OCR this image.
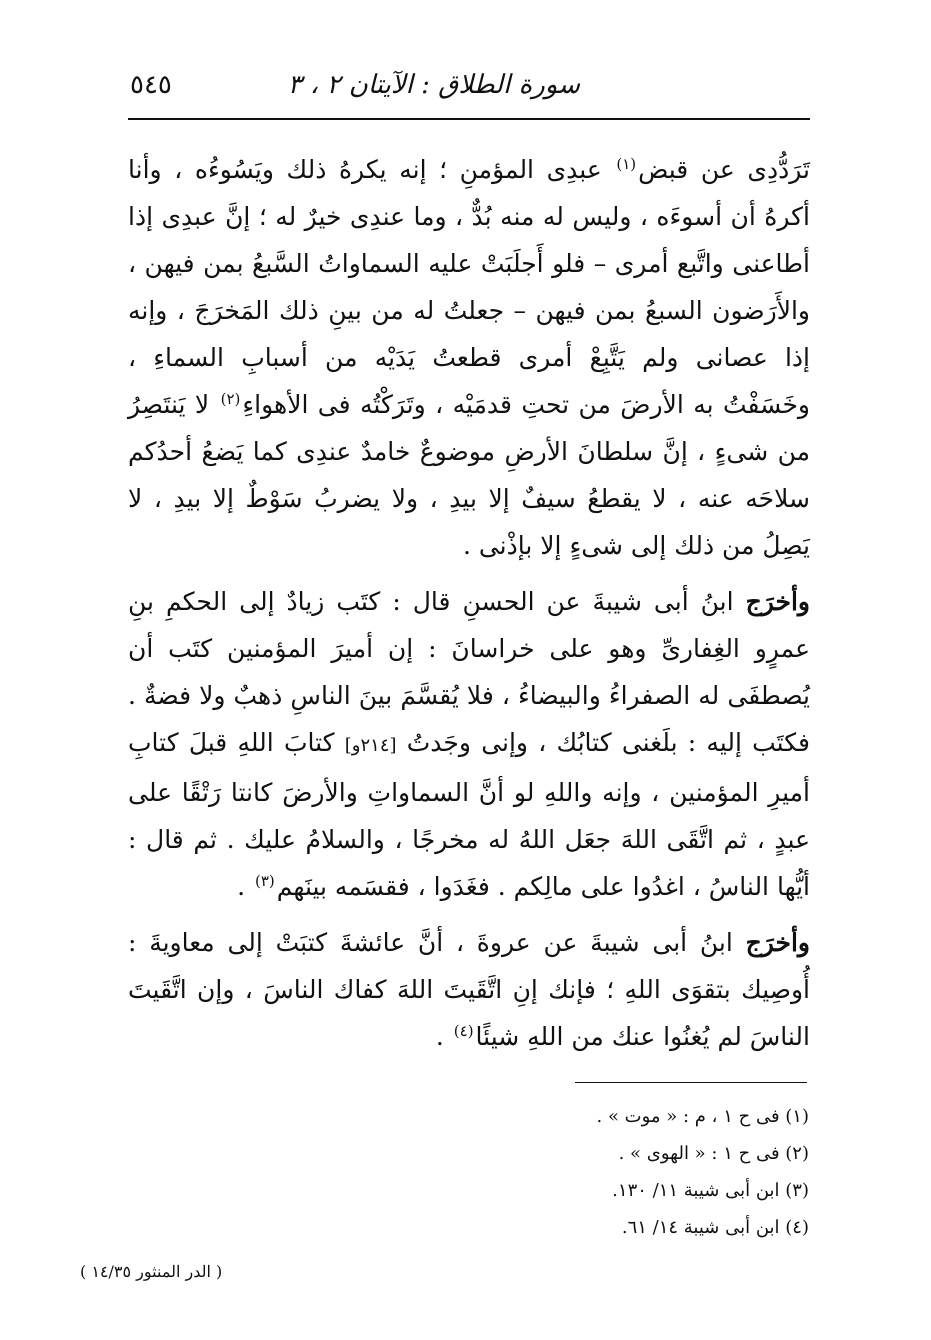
سورة الطلاق : الآيتان ٢ ، ٣
٥٤٥

تَرَدُّدِى عن قبض$^{(١)}$ عبدِى المؤمنِ ؛ إنه يكرهُ ذلك ويَسُوءُه ، وأنا أكرهُ أن أسوءَه ، وليس له منه بُدٌّ ، وما عندِى خيرٌ له ؛ إنَّ عبدِى إذا أطاعنى واتَّبع أمرى – فلو أَجلَبَتْ عليه السماواتُ السَّبعُ بمن فيهن ، والأَرَضون السبعُ بمن فيهن – جعلتُ له من بينِ ذلك المَخرَجَ ، وإنه إذا عصانى ولم يَتَّبِعْ أمرى قطعتُ يَدَيْه من أسبابِ السماءِ ، وخَسَفْتُ به الأرضَ من تحتِ قدمَيْه ، وتَرَكْتُه فى الأهواءِ$^{(٢)}$ لا يَنتَصِرُ من شىءٍ ، إنَّ سلطانَ الأرضِ موضوعٌ خامدٌ عندِى كما يَضعُ أحدُكم سلاحَه عنه ، لا يقطعُ سيفٌ إلا بيدِ ، ولا يضربُ سَوْطٌ إلا بيدِ ، لا يَصِلُ من ذلك إلى شىءٍ إلا بإذْنى .

وأخرَج ابنُ أبى شيبةَ عن الحسنِ قال : كتَب زيادٌ إلى الحكمِ بنِ عمرٍو الغِفارىِّ وهو على خراسانَ : إن أميرَ المؤمنين كتَب أن يُصطفَى له الصفراءُ والبيضاءُ ، فلا يُقسَّمَ بينَ الناسِ ذهبٌ ولا فضةٌ . فكتَب إليه : بلَغنى كتابُك ، وإنى وجَدتُ [٢١٤و] كتابَ اللهِ قبلَ كتابِ أميرِ المؤمنين ، وإنه واللهِ لو أنَّ السماواتِ والأرضَ كانتا رَتْقًا على عبدٍ ، ثم اتَّقَى اللهَ جعَل اللهُ له مخرجًا ، والسلامُ عليك . ثم قال : أيُّها الناسُ ، اغدُوا على مالِكم . فغَدَوا ، فقسَمه بينَهم$^{(٣)}$ .

وأخرَج ابنُ أبى شيبةَ عن عروةَ ، أنَّ عائشةَ كتبَتْ إلى معاويةَ : أُوصِيك بتقوَى اللهِ ؛ فإنك إنِ اتَّقَيتَ اللهَ كفاك الناسَ ، وإن اتَّقَيتَ الناسَ لم يُغنُوا عنك من اللهِ شيئًا$^{(٤)}$ .

(١) فى ح ١ ، م : « موت » .
(٢) فى ح ١ : « الهوى » .
(٣) ابن أبى شيبة ١١/ ١٣٠.
(٤) ابن أبى شيبة ١٤/ ٦١.
( الدر المنثور ١٤/٣٥ )
